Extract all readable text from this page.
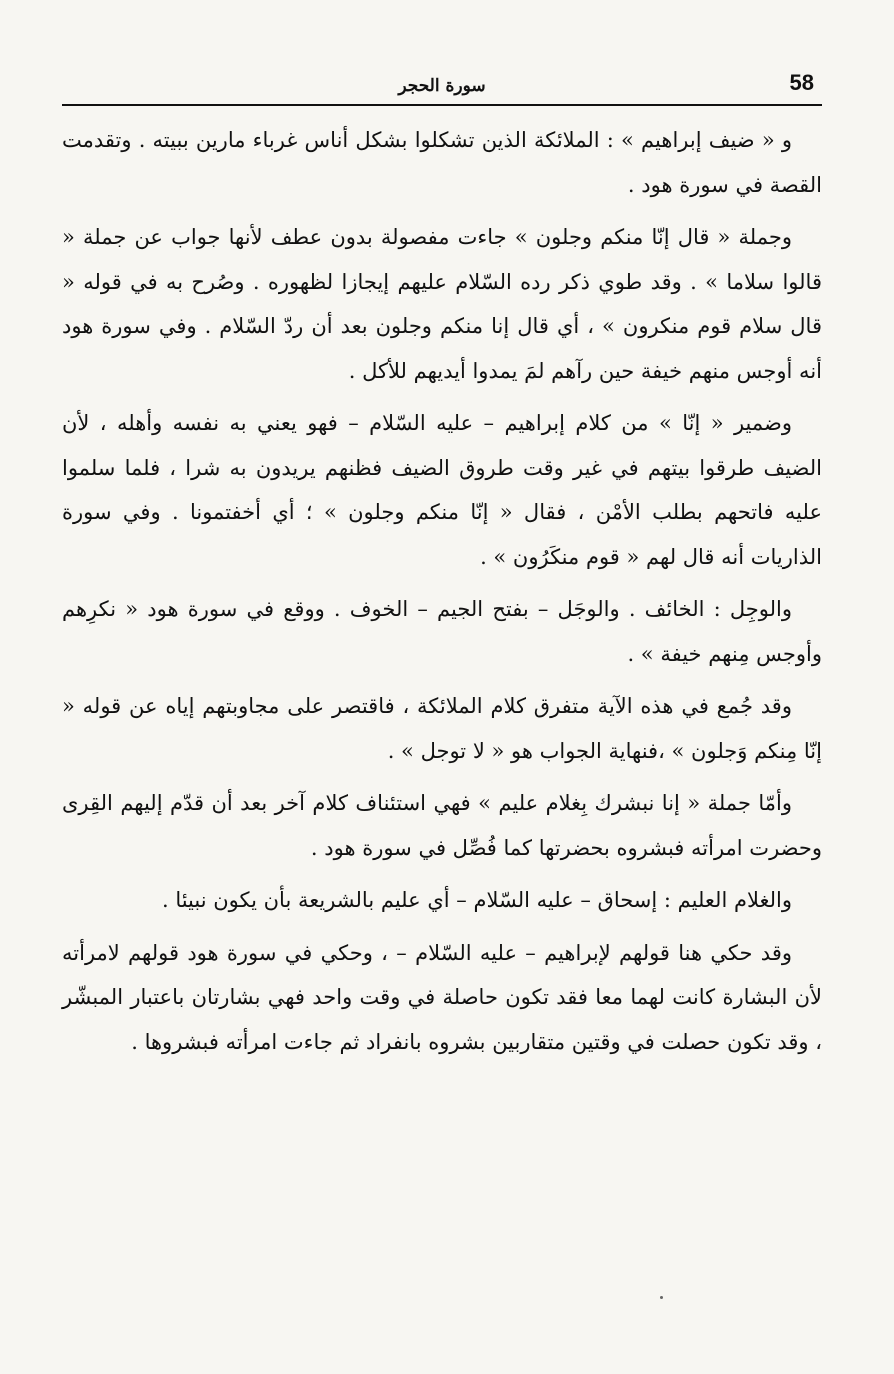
58
سورة الحجر

و « ضيف إبراهيم » : الملائكة الذين تشكلوا بشكل أناس غرباء مارين ببيته . وتقدمت القصة في سورة هود .

وجملة « قال إنّا منكم وجلون » جاءت مفصولة بدون عطف لأنها جواب عن جملة « قالوا سلاما » . وقد طوي ذكر رده السّلام عليهم إيجازا لظهوره . وصُرح به في قوله « قال سلام قوم منكرون » ، أي قال إنا منكم وجلون بعد أن ردّ السّلام . وفي سورة هود أنه أوجس منهم خيفة حين رآهم لمَ يمدوا أيديهم للأكل .

وضمير « إنّا » من كلام إبراهيم – عليه السّلام – فهو يعني به نفسه وأهله ، لأن الضيف طرقوا بيتهم في غير وقت طروق الضيف فظنهم يريدون به شرا ، فلما سلموا عليه فاتحهم بطلب الأمْن ، فقال « إنّا منكم وجلون » ؛ أي أخفتمونا . وفي سورة الذاريات أنه قال لهم « قوم منكَرُون » .

والوجِل : الخائف . والوجَل – بفتح الجيم – الخوف . ووقع في سورة هود « نكرِهم وأوجس مِنهم خيفة » .

وقد جُمع في هذه الآية متفرق كلام الملائكة ، فاقتصر على مجاوبتهم إياه عن قوله « إنّا مِنكم وَجلون » ،فنهاية الجواب هو « لا توجل » .

وأمّا جملة « إنا نبشرك بِغلام عليم » فهي استئناف كلام آخر بعد أن قدّم إليهم القِرى وحضرت امرأته فبشروه بحضرتها كما فُصِّل في سورة هود .

والغلام العليم : إسحاق – عليه السّلام – أي عليم بالشريعة بأن يكون نبيئا .

وقد حكي هنا قولهم لإبراهيم – عليه السّلام – ، وحكي في سورة هود قولهم لامرأته لأن البشارة كانت لهما معا فقد تكون حاصلة في وقت واحد فهي بشارتان باعتبار المبشّر ، وقد تكون حصلت في وقتين متقاربين بشروه بانفراد ثم جاءت امرأته فبشروها .
